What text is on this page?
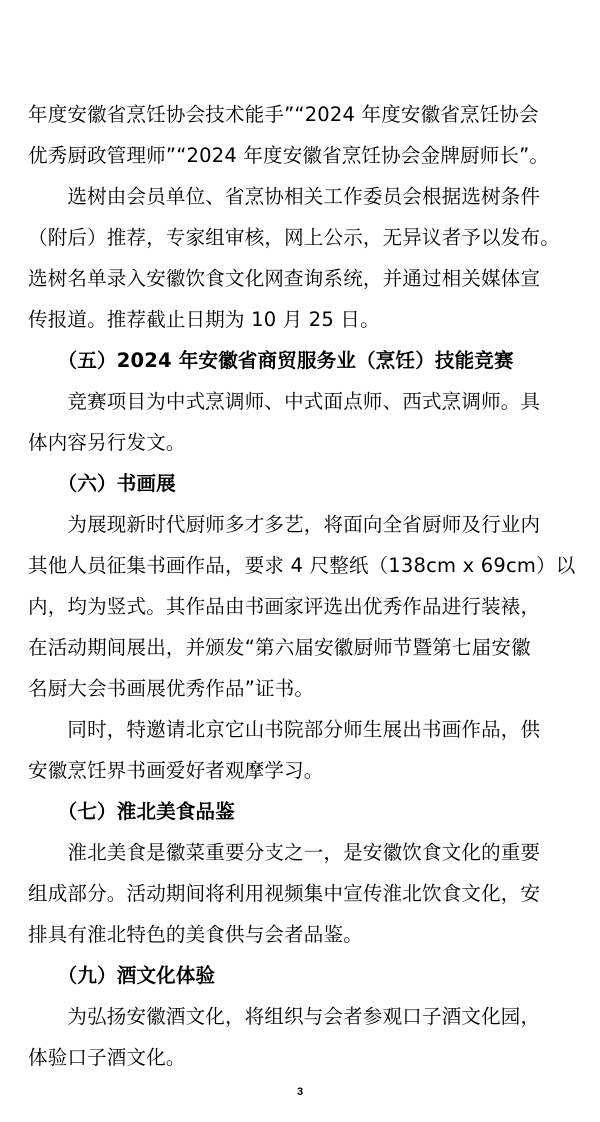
年度安徽省烹饪协会技术能手”“2024 年度安徽省烹饪协会
优秀厨政管理师”“2024 年度安徽省烹饪协会金牌厨师长”。
　　选树由会员单位、省烹协相关工作委员会根据选树条件
（附后）推荐，专家组审核，网上公示，无异议者予以发布。
选树名单录入安徽饮食文化网查询系统，并通过相关媒体宣
传报道。推荐截止日期为 10 月 25 日。
　　（五）2024 年安徽省商贸服务业（烹饪）技能竞赛
　　竞赛项目为中式烹调师、中式面点师、西式烹调师。具
体内容另行发文。
　　（六）书画展
　　为展现新时代厨师多才多艺，将面向全省厨师及行业内
其他人员征集书画作品，要求 4 尺整纸（138cm x 69cm）以
内，均为竖式。其作品由书画家评选出优秀作品进行装裱，
在活动期间展出，并颁发“第六届安徽厨师节暨第七届安徽
名厨大会书画展优秀作品”证书。
　　同时，特邀请北京它山书院部分师生展出书画作品，供
安徽烹饪界书画爱好者观摩学习。
　　（七）淮北美食品鉴
　　淮北美食是徽菜重要分支之一，是安徽饮食文化的重要
组成部分。活动期间将利用视频集中宣传淮北饮食文化，安
排具有淮北特色的美食供与会者品鉴。
　　（九）酒文化体验
　　为弘扬安徽酒文化，将组织与会者参观口子酒文化园，
体验口子酒文化。
3
